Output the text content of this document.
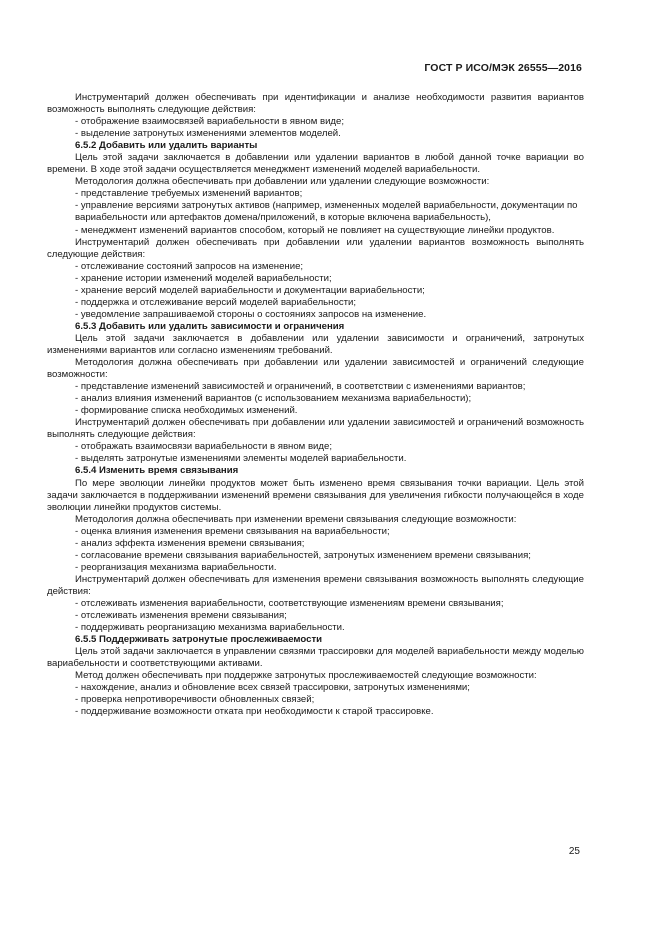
ГОСТ Р ИСО/МЭК 26555—2016
Инструментарий должен обеспечивать при идентификации и анализе необходимости развития вариантов возможность выполнять следующие действия:
- отображение взаимосвязей вариабельности в явном виде;
- выделение затронутых изменениями элементов моделей.
6.5.2 Добавить или удалить варианты
Цель этой задачи заключается в добавлении или удалении вариантов в любой данной точке вариации во времени. В ходе этой задачи осуществляется менеджмент изменений моделей вариабельности.
Методология должна обеспечивать при добавлении или удалении следующие возможности:
- представление требуемых изменений вариантов;
- управление версиями затронутых активов (например, измененных моделей вариабельности, документации по вариабельности или артефактов домена/приложений, в которые включена вариабельность),
- менеджмент изменений вариантов способом, который не повлияет на существующие линейки продуктов.
Инструментарий должен обеспечивать при добавлении или удалении вариантов возможность выполнять следующие действия:
- отслеживание состояний запросов на изменение;
- хранение истории изменений моделей вариабельности;
- хранение версий моделей вариабельности и документации вариабельности;
- поддержка и отслеживание версий моделей вариабельности;
- уведомление запрашиваемой стороны о состояниях запросов на изменение.
6.5.3 Добавить или удалить зависимости и ограничения
Цель этой задачи заключается в добавлении или удалении зависимости и ограничений, затронутых изменениями вариантов или согласно изменениям требований.
Методология должна обеспечивать при добавлении или удалении зависимостей и ограничений следующие возможности:
- представление изменений зависимостей и ограничений, в соответствии с изменениями вариантов;
- анализ влияния изменений вариантов (с использованием механизма вариабельности);
- формирование списка необходимых изменений.
Инструментарий должен обеспечивать при добавлении или удалении зависимостей и ограничений возможность выполнять следующие действия:
- отображать взаимосвязи вариабельности в явном виде;
- выделять затронутые изменениями элементы моделей вариабельности.
6.5.4 Изменить время связывания
По мере эволюции линейки продуктов может быть изменено время связывания точки вариации. Цель этой задачи заключается в поддерживании изменений времени связывания для увеличения гибкости получающейся в ходе эволюции линейки продуктов системы.
Методология должна обеспечивать при изменении времени связывания следующие возможности:
- оценка влияния изменения времени связывания на вариабельности;
- анализ эффекта изменения времени связывания;
- согласование времени связывания вариабельностей, затронутых изменением времени связывания;
- реорганизация механизма вариабельности.
Инструментарий должен обеспечивать для изменения времени связывания возможность выполнять следующие действия:
- отслеживать изменения вариабельности, соответствующие изменениям времени связывания;
- отслеживать изменения времени связывания;
- поддерживать реорганизацию механизма вариабельности.
6.5.5 Поддерживать затронутые прослеживаемости
Цель этой задачи заключается в управлении связями трассировки для моделей вариабельности между моделью вариабельности и соответствующими активами.
Метод должен обеспечивать при поддержке затронутых прослеживаемостей следующие возможности:
- нахождение, анализ и обновление всех связей трассировки, затронутых изменениями;
- проверка непротиворечивости обновленных связей;
- поддерживание возможности отката при необходимости к старой трассировке.
25
